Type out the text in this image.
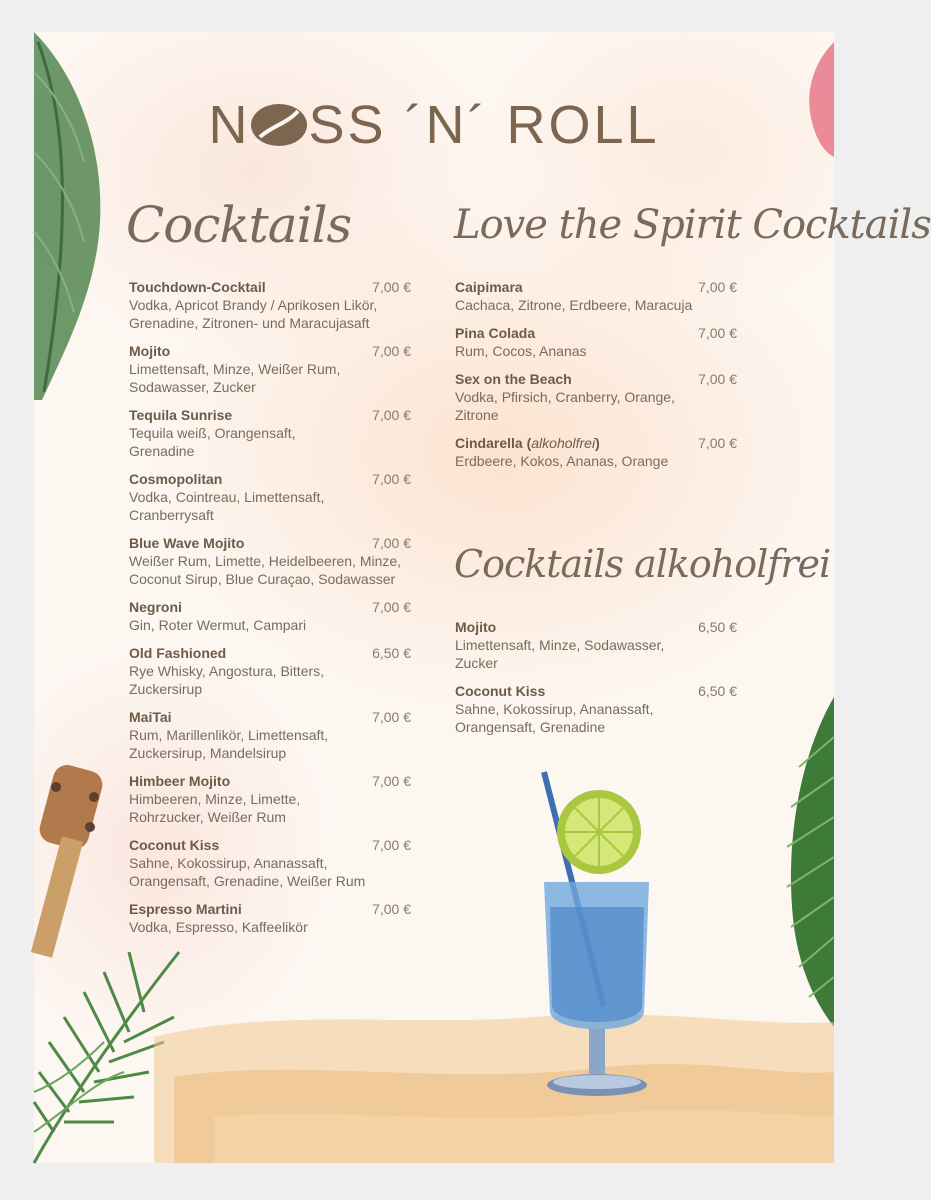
N SS ´N´ ROLL
Cocktails
Touchdown-Cocktail	7,00 €
Vodka, Apricot Brandy / Aprikosen Likör, Grenadine, Zitronen- und Maracujasaft
Mojito	7,00 €
Limettensaft, Minze, Weißer Rum, Sodawasser, Zucker
Tequila Sunrise	7,00 €
Tequila weiß, Orangensaft, Grenadine
Cosmopolitan	7,00 €
Vodka, Cointreau, Limettensaft, Cranberrysaft
Blue Wave Mojito	7,00 €
Weißer Rum, Limette, Heidelbeeren, Minze, Coconut Sirup, Blue Curaçao, Sodawasser
Negroni	7,00 €
Gin, Roter Wermut, Campari
Old Fashioned	6,50 €
Rye Whisky, Angostura, Bitters, Zuckersirup
MaiTai	7,00 €
Rum, Marillenlikör, Limettensaft, Zuckersirup, Mandelsirup
Himbeer Mojito	7,00 €
Himbeeren, Minze, Limette, Rohrzucker, Weißer Rum
Coconut Kiss	7,00 €
Sahne, Kokossirup, Ananassaft, Orangensaft, Grenadine, Weißer Rum
Espresso Martini	7,00 €
Vodka, Espresso, Kaffeelikör
Love the Spirit Cocktails
Caipimara	7,00 €
Cachaca, Zitrone, Erdbeere, Maracuja
Pina Colada	7,00 €
Rum, Cocos, Ananas
Sex on the Beach	7,00 €
Vodka, Pfirsich, Cranberry, Orange, Zitrone
Cindarella (alkoholfrei)	7,00 €
Erdbeere, Kokos, Ananas, Orange
Cocktails alkoholfrei
Mojito	6,50 €
Limettensaft, Minze, Sodawasser, Zucker
Coconut Kiss	6,50 €
Sahne, Kokossirup, Ananassaft, Orangensaft, Grenadine
